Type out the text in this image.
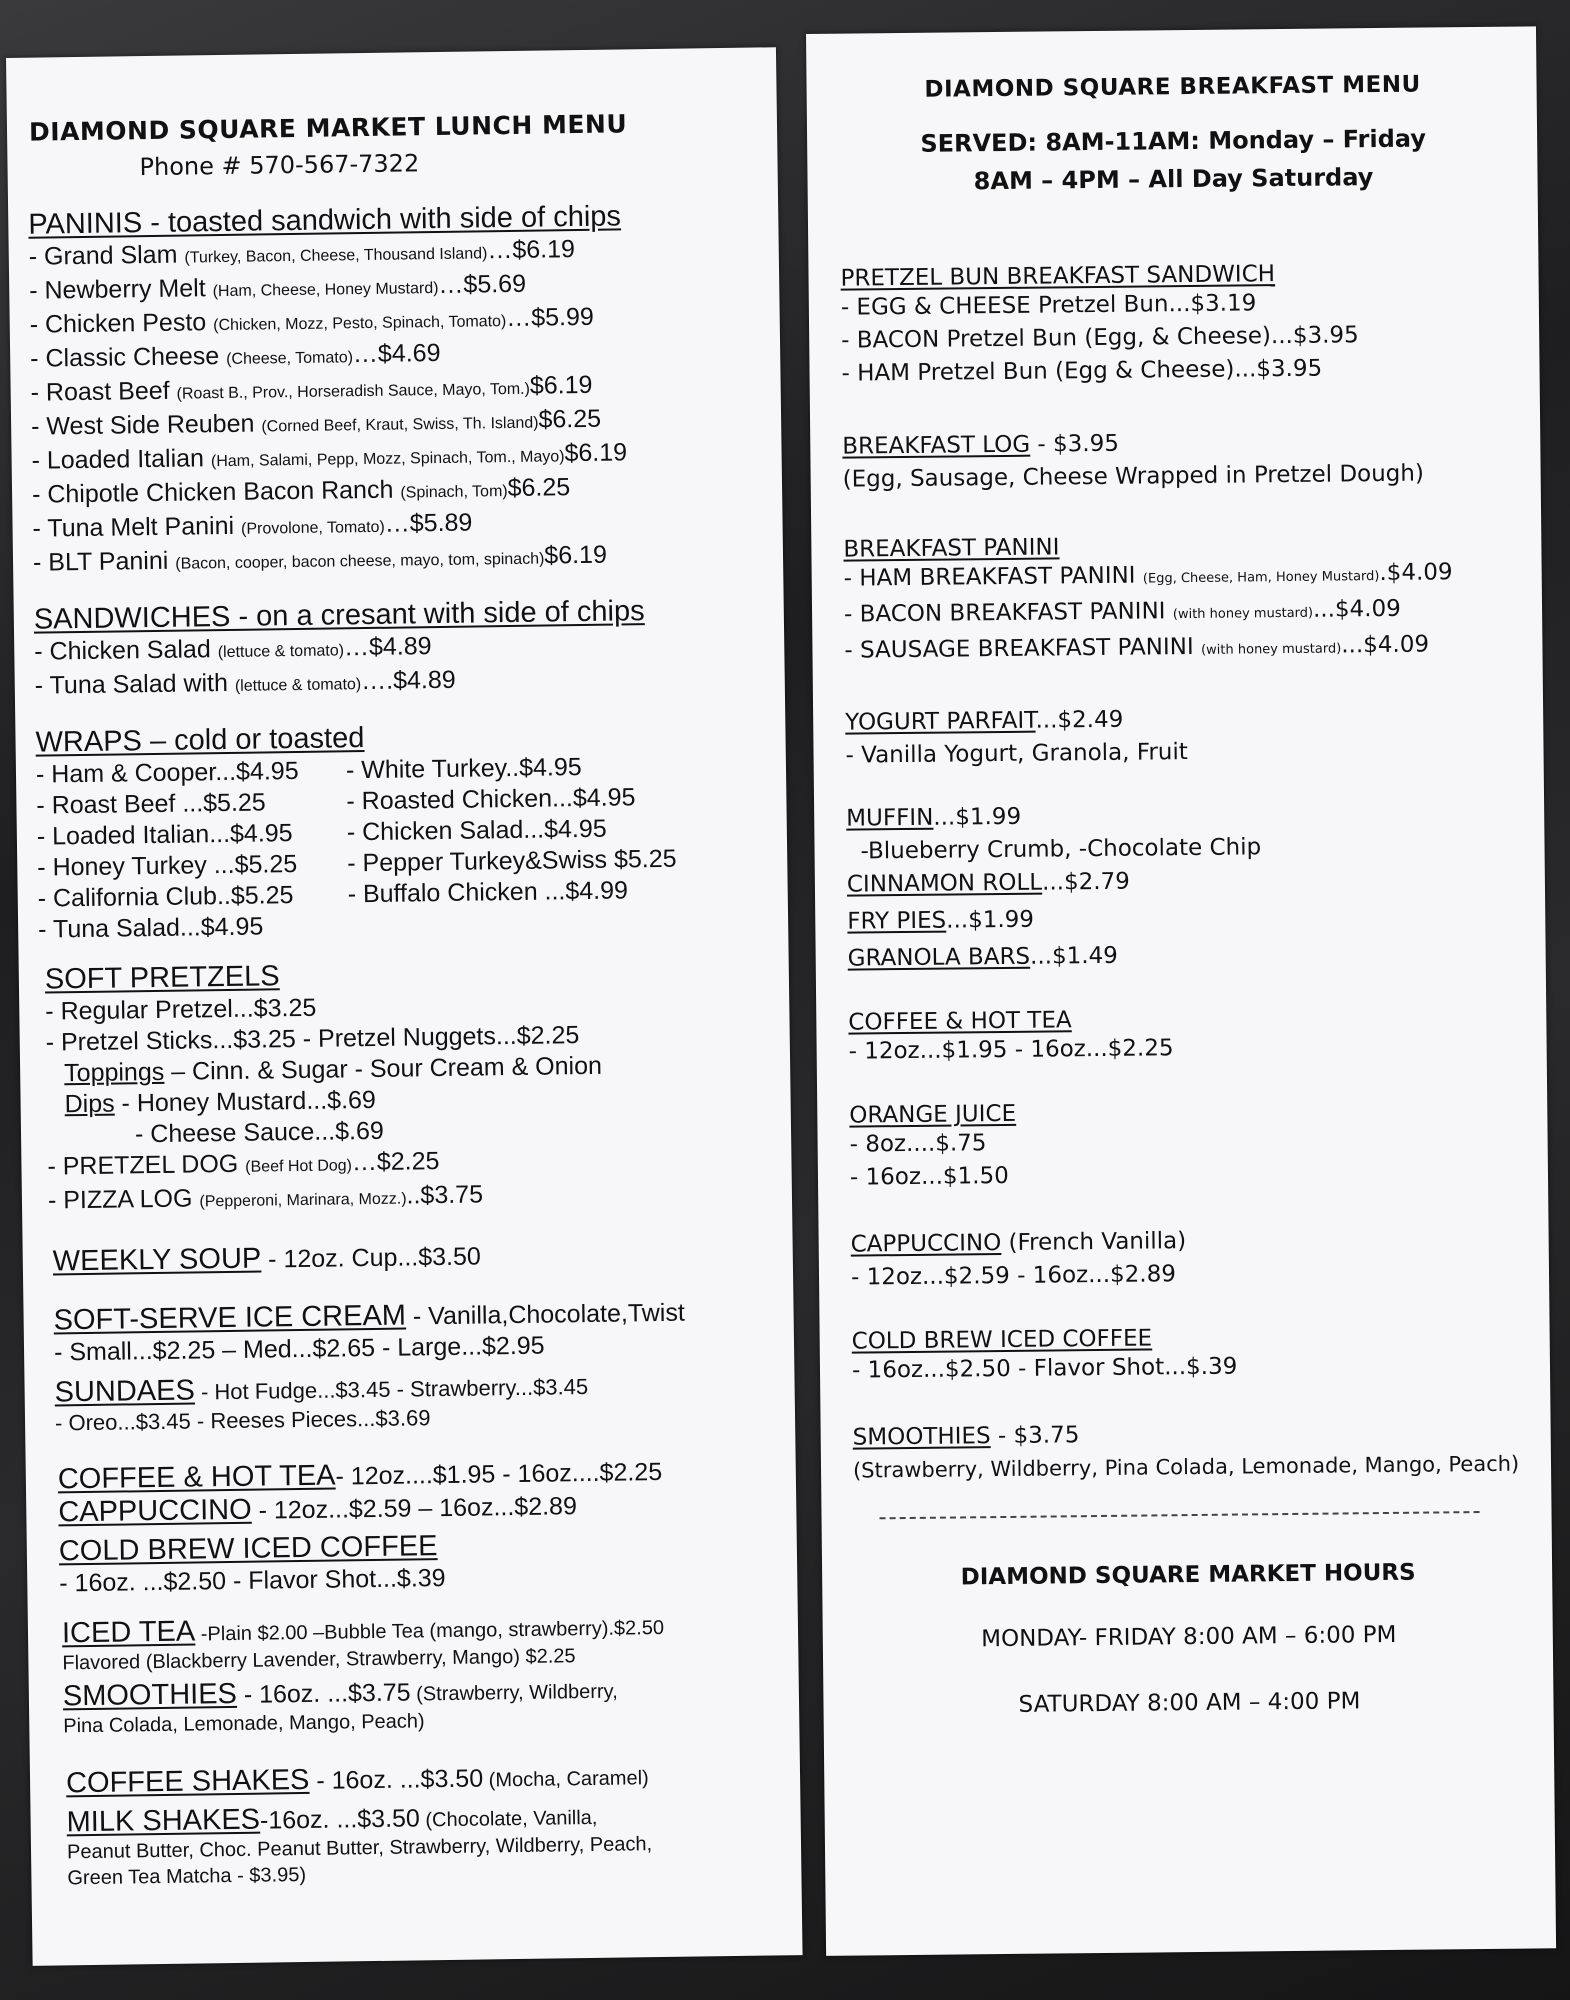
DIAMOND SQUARE MARKET LUNCH MENU
Phone # 570-567-7322
PANINIS - toasted sandwich with side of chips
- Grand Slam (Turkey, Bacon, Cheese, Thousand Island)…$6.19
- Newberry Melt (Ham, Cheese, Honey Mustard)…$5.69
- Chicken Pesto (Chicken, Mozz, Pesto, Spinach, Tomato)…$5.99
- Classic Cheese (Cheese, Tomato)…$4.69
- Roast Beef (Roast B., Prov., Horseradish Sauce, Mayo, Tom.)$6.19
- West Side Reuben (Corned Beef, Kraut, Swiss, Th. Island)$6.25
- Loaded Italian (Ham, Salami, Pepp, Mozz, Spinach, Tom., Mayo)$6.19
- Chipotle Chicken Bacon Ranch (Spinach, Tom)$6.25
- Tuna Melt Panini (Provolone, Tomato)…$5.89
- BLT Panini (Bacon, cooper, bacon cheese, mayo, tom, spinach)$6.19
SANDWICHES - on a cresant with side of chips
- Chicken Salad (lettuce & tomato)…$4.89
- Tuna Salad with (lettuce & tomato)….$4.89
WRAPS – cold or toasted
- Ham & Cooper...$4.95
- Roast Beef ...$5.25
- Loaded Italian...$4.95
- Honey Turkey ...$5.25
- California Club..$5.25
- Tuna Salad...$4.95
- White Turkey..$4.95
- Roasted Chicken...$4.95
- Chicken Salad...$4.95
- Pepper Turkey&Swiss $5.25
- Buffalo Chicken ...$4.99
SOFT PRETZELS
- Regular Pretzel...$3.25
- Pretzel Sticks...$3.25 - Pretzel Nuggets...$2.25
Toppings – Cinn. & Sugar - Sour Cream & Onion
Dips - Honey Mustard...$.69
- Cheese Sauce...$.69
- PRETZEL DOG (Beef Hot Dog)…$2.25
- PIZZA LOG (Pepperoni, Marinara, Mozz.)..$3.75
WEEKLY SOUP - 12oz. Cup...$3.50
SOFT-SERVE ICE CREAM - Vanilla,Chocolate,Twist
- Small...$2.25 – Med...$2.65 - Large...$2.95
SUNDAES - Hot Fudge...$3.45 - Strawberry...$3.45
- Oreo...$3.45 - Reeses Pieces...$3.69
COFFEE & HOT TEA- 12oz....$1.95 - 16oz....$2.25
CAPPUCCINO - 12oz...$2.59 – 16oz...$2.89
COLD BREW ICED COFFEE
- 16oz. ...$2.50 - Flavor Shot...$.39
ICED TEA -Plain $2.00 –Bubble Tea (mango, strawberry).$2.50
Flavored (Blackberry Lavender, Strawberry, Mango) $2.25
SMOOTHIES - 16oz. ...$3.75 (Strawberry, Wildberry,
Pina Colada, Lemonade, Mango, Peach)
COFFEE SHAKES - 16oz. ...$3.50 (Mocha, Caramel)
MILK SHAKES-16oz. ...$3.50 (Chocolate, Vanilla,
Peanut Butter, Choc. Peanut Butter, Strawberry, Wildberry, Peach,
Green Tea Matcha - $3.95)
DIAMOND SQUARE BREAKFAST MENU
SERVED: 8AM-11AM: Monday – Friday
8AM – 4PM – All Day Saturday
PRETZEL BUN BREAKFAST SANDWICH
- EGG & CHEESE Pretzel Bun...$3.19
- BACON Pretzel Bun (Egg, & Cheese)...$3.95
- HAM Pretzel Bun (Egg & Cheese)...$3.95
BREAKFAST LOG - $3.95
(Egg, Sausage, Cheese Wrapped in Pretzel Dough)
BREAKFAST PANINI
- HAM BREAKFAST PANINI (Egg, Cheese, Ham, Honey Mustard).$4.09
- BACON BREAKFAST PANINI (with honey mustard)...$4.09
- SAUSAGE BREAKFAST PANINI (with honey mustard)...$4.09
YOGURT PARFAIT...$2.49
- Vanilla Yogurt, Granola, Fruit
MUFFIN...$1.99
-Blueberry Crumb, -Chocolate Chip
CINNAMON ROLL...$2.79
FRY PIES...$1.99
GRANOLA BARS...$1.49
COFFEE & HOT TEA
- 12oz...$1.95 - 16oz...$2.25
ORANGE JUICE
- 8oz....$.75
- 16oz...$1.50
CAPPUCCINO (French Vanilla)
- 12oz...$2.59 - 16oz...$2.89
COLD BREW ICED COFFEE
- 16oz...$2.50 - Flavor Shot...$.39
SMOOTHIES - $3.75
(Strawberry, Wildberry, Pina Colada, Lemonade, Mango, Peach)
DIAMOND SQUARE MARKET HOURS
MONDAY- FRIDAY 8:00 AM – 6:00 PM
SATURDAY 8:00 AM – 4:00 PM
